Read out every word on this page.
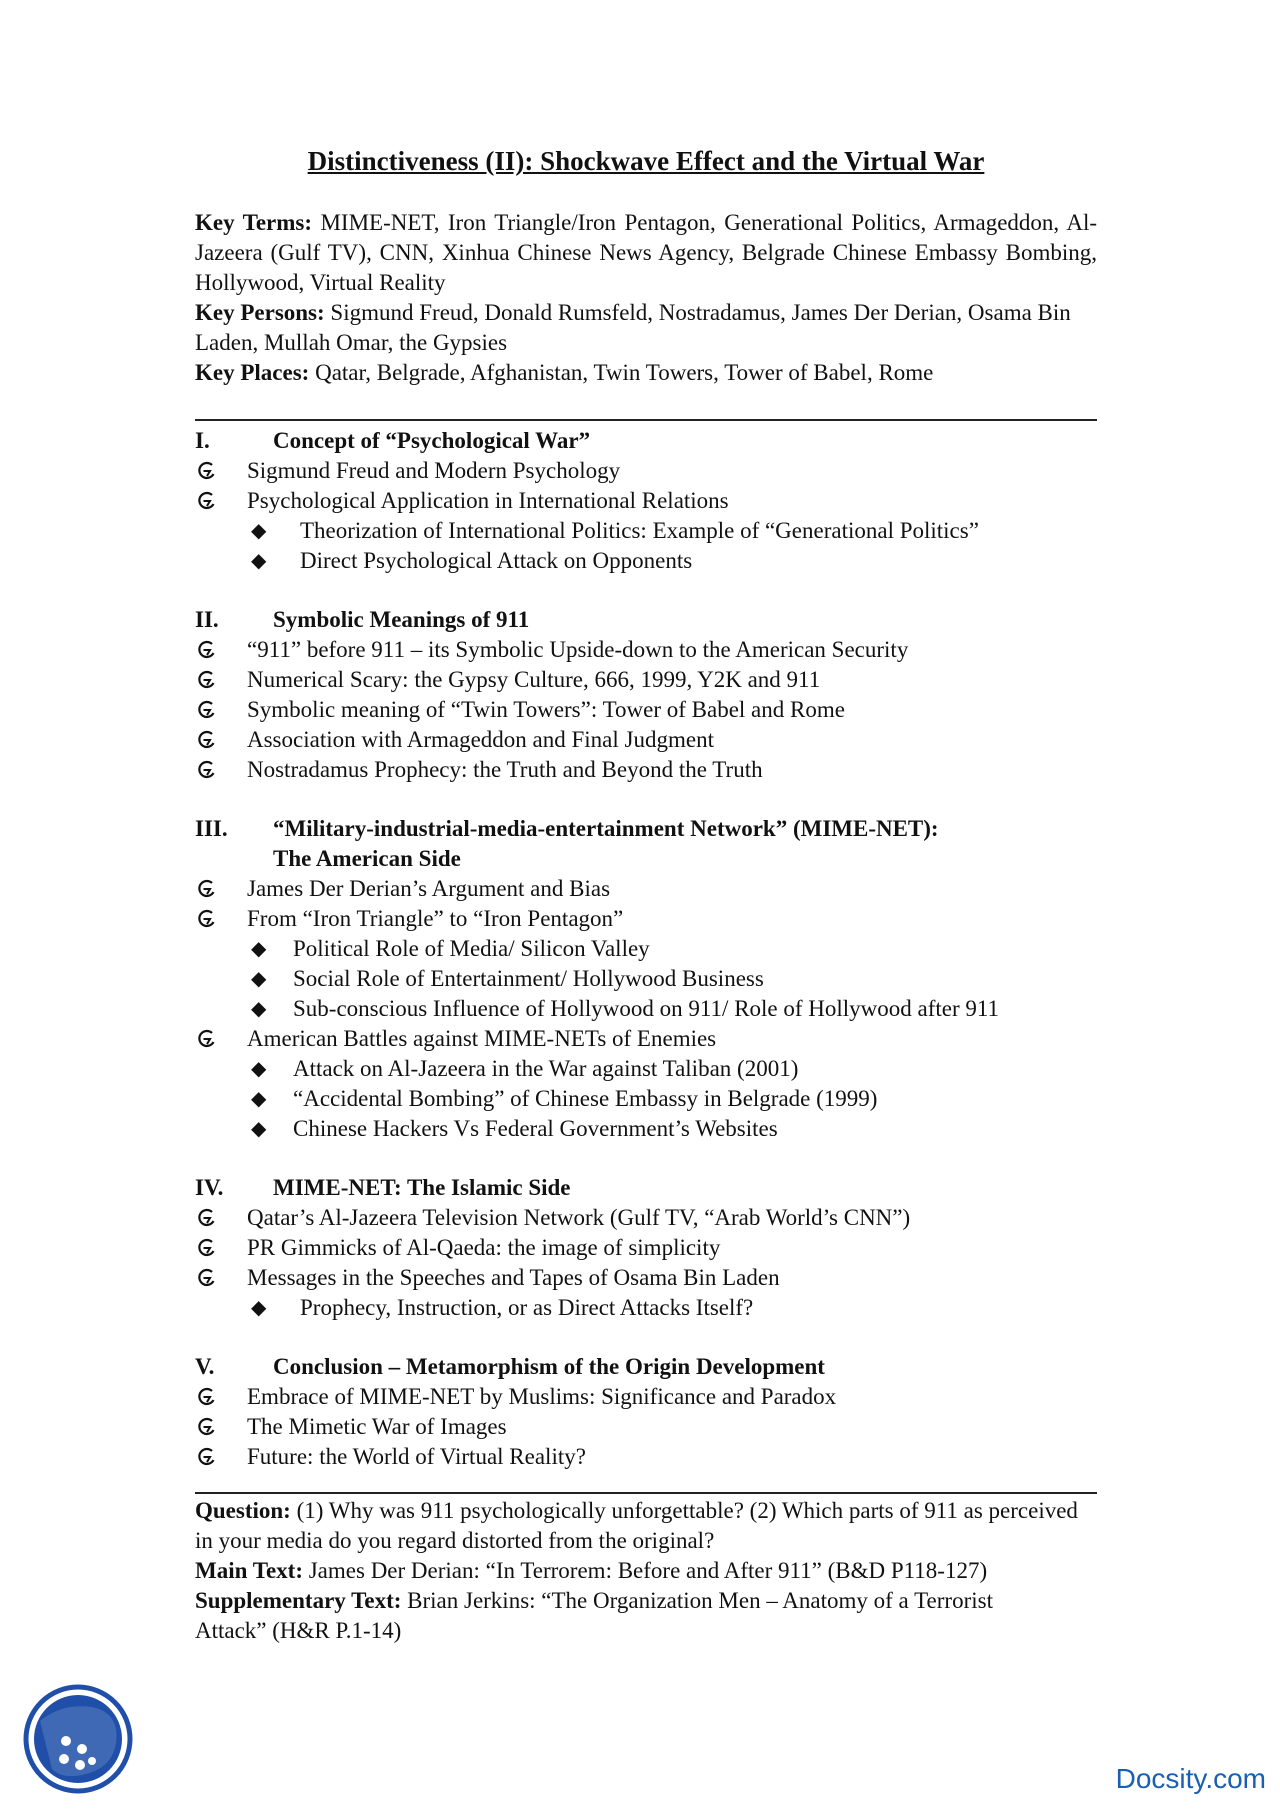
Distinctiveness (II): Shockwave Effect and the Virtual War
Key Terms: MIME-NET, Iron Triangle/Iron Pentagon, Generational Politics, Armageddon, Al-Jazeera (Gulf TV), CNN, Xinhua Chinese News Agency, Belgrade Chinese Embassy Bombing, Hollywood, Virtual Reality
Key Persons: Sigmund Freud, Donald Rumsfeld, Nostradamus, James Der Derian, Osama Bin Laden, Mullah Omar, the Gypsies
Key Places: Qatar, Belgrade, Afghanistan, Twin Towers, Tower of Babel, Rome
I.	Concept of “Psychological War”
Sigmund Freud and Modern Psychology
Psychological Application in International Relations
◆ Theorization of International Politics: Example of “Generational Politics”
◆ Direct Psychological Attack on Opponents
II. Symbolic Meanings of 911
“911” before 911 – its Symbolic Upside-down to the American Security
Numerical Scary: the Gypsy Culture, 666, 1999, Y2K and 911
Symbolic meaning of “Twin Towers”: Tower of Babel and Rome
Association with Armageddon and Final Judgment
Nostradamus Prophecy: the Truth and Beyond the Truth
III. “Military-industrial-media-entertainment Network” (MIME-NET):
The American Side
James Der Derian’s Argument and Bias
From “Iron Triangle” to “Iron Pentagon”
◆ Political Role of Media/ Silicon Valley
◆ Social Role of Entertainment/ Hollywood Business
◆ Sub-conscious Influence of Hollywood on 911/ Role of Hollywood after 911
American Battles against MIME-NETs of Enemies
◆ Attack on Al-Jazeera in the War against Taliban (2001)
◆ “Accidental Bombing” of Chinese Embassy in Belgrade (1999)
◆ Chinese Hackers Vs Federal Government’s Websites
IV. MIME-NET: The Islamic Side
Qatar’s Al-Jazeera Television Network (Gulf TV, “Arab World’s CNN”)
PR Gimmicks of Al-Qaeda: the image of simplicity
Messages in the Speeches and Tapes of Osama Bin Laden
◆ Prophecy, Instruction, or as Direct Attacks Itself?
V.	Conclusion – Metamorphism of the Origin Development
Embrace of MIME-NET by Muslims: Significance and Paradox
The Mimetic War of Images
Future: the World of Virtual Reality?
Question: (1) Why was 911 psychologically unforgettable? (2) Which parts of 911 as perceived in your media do you regard distorted from the original?
Main Text: James Der Derian: “In Terrorem: Before and After 911” (B&D P118-127)
Supplementary Text: Brian Jerkins: “The Organization Men – Anatomy of a Terrorist Attack” (H&R P.1-14)
Docsity.com
